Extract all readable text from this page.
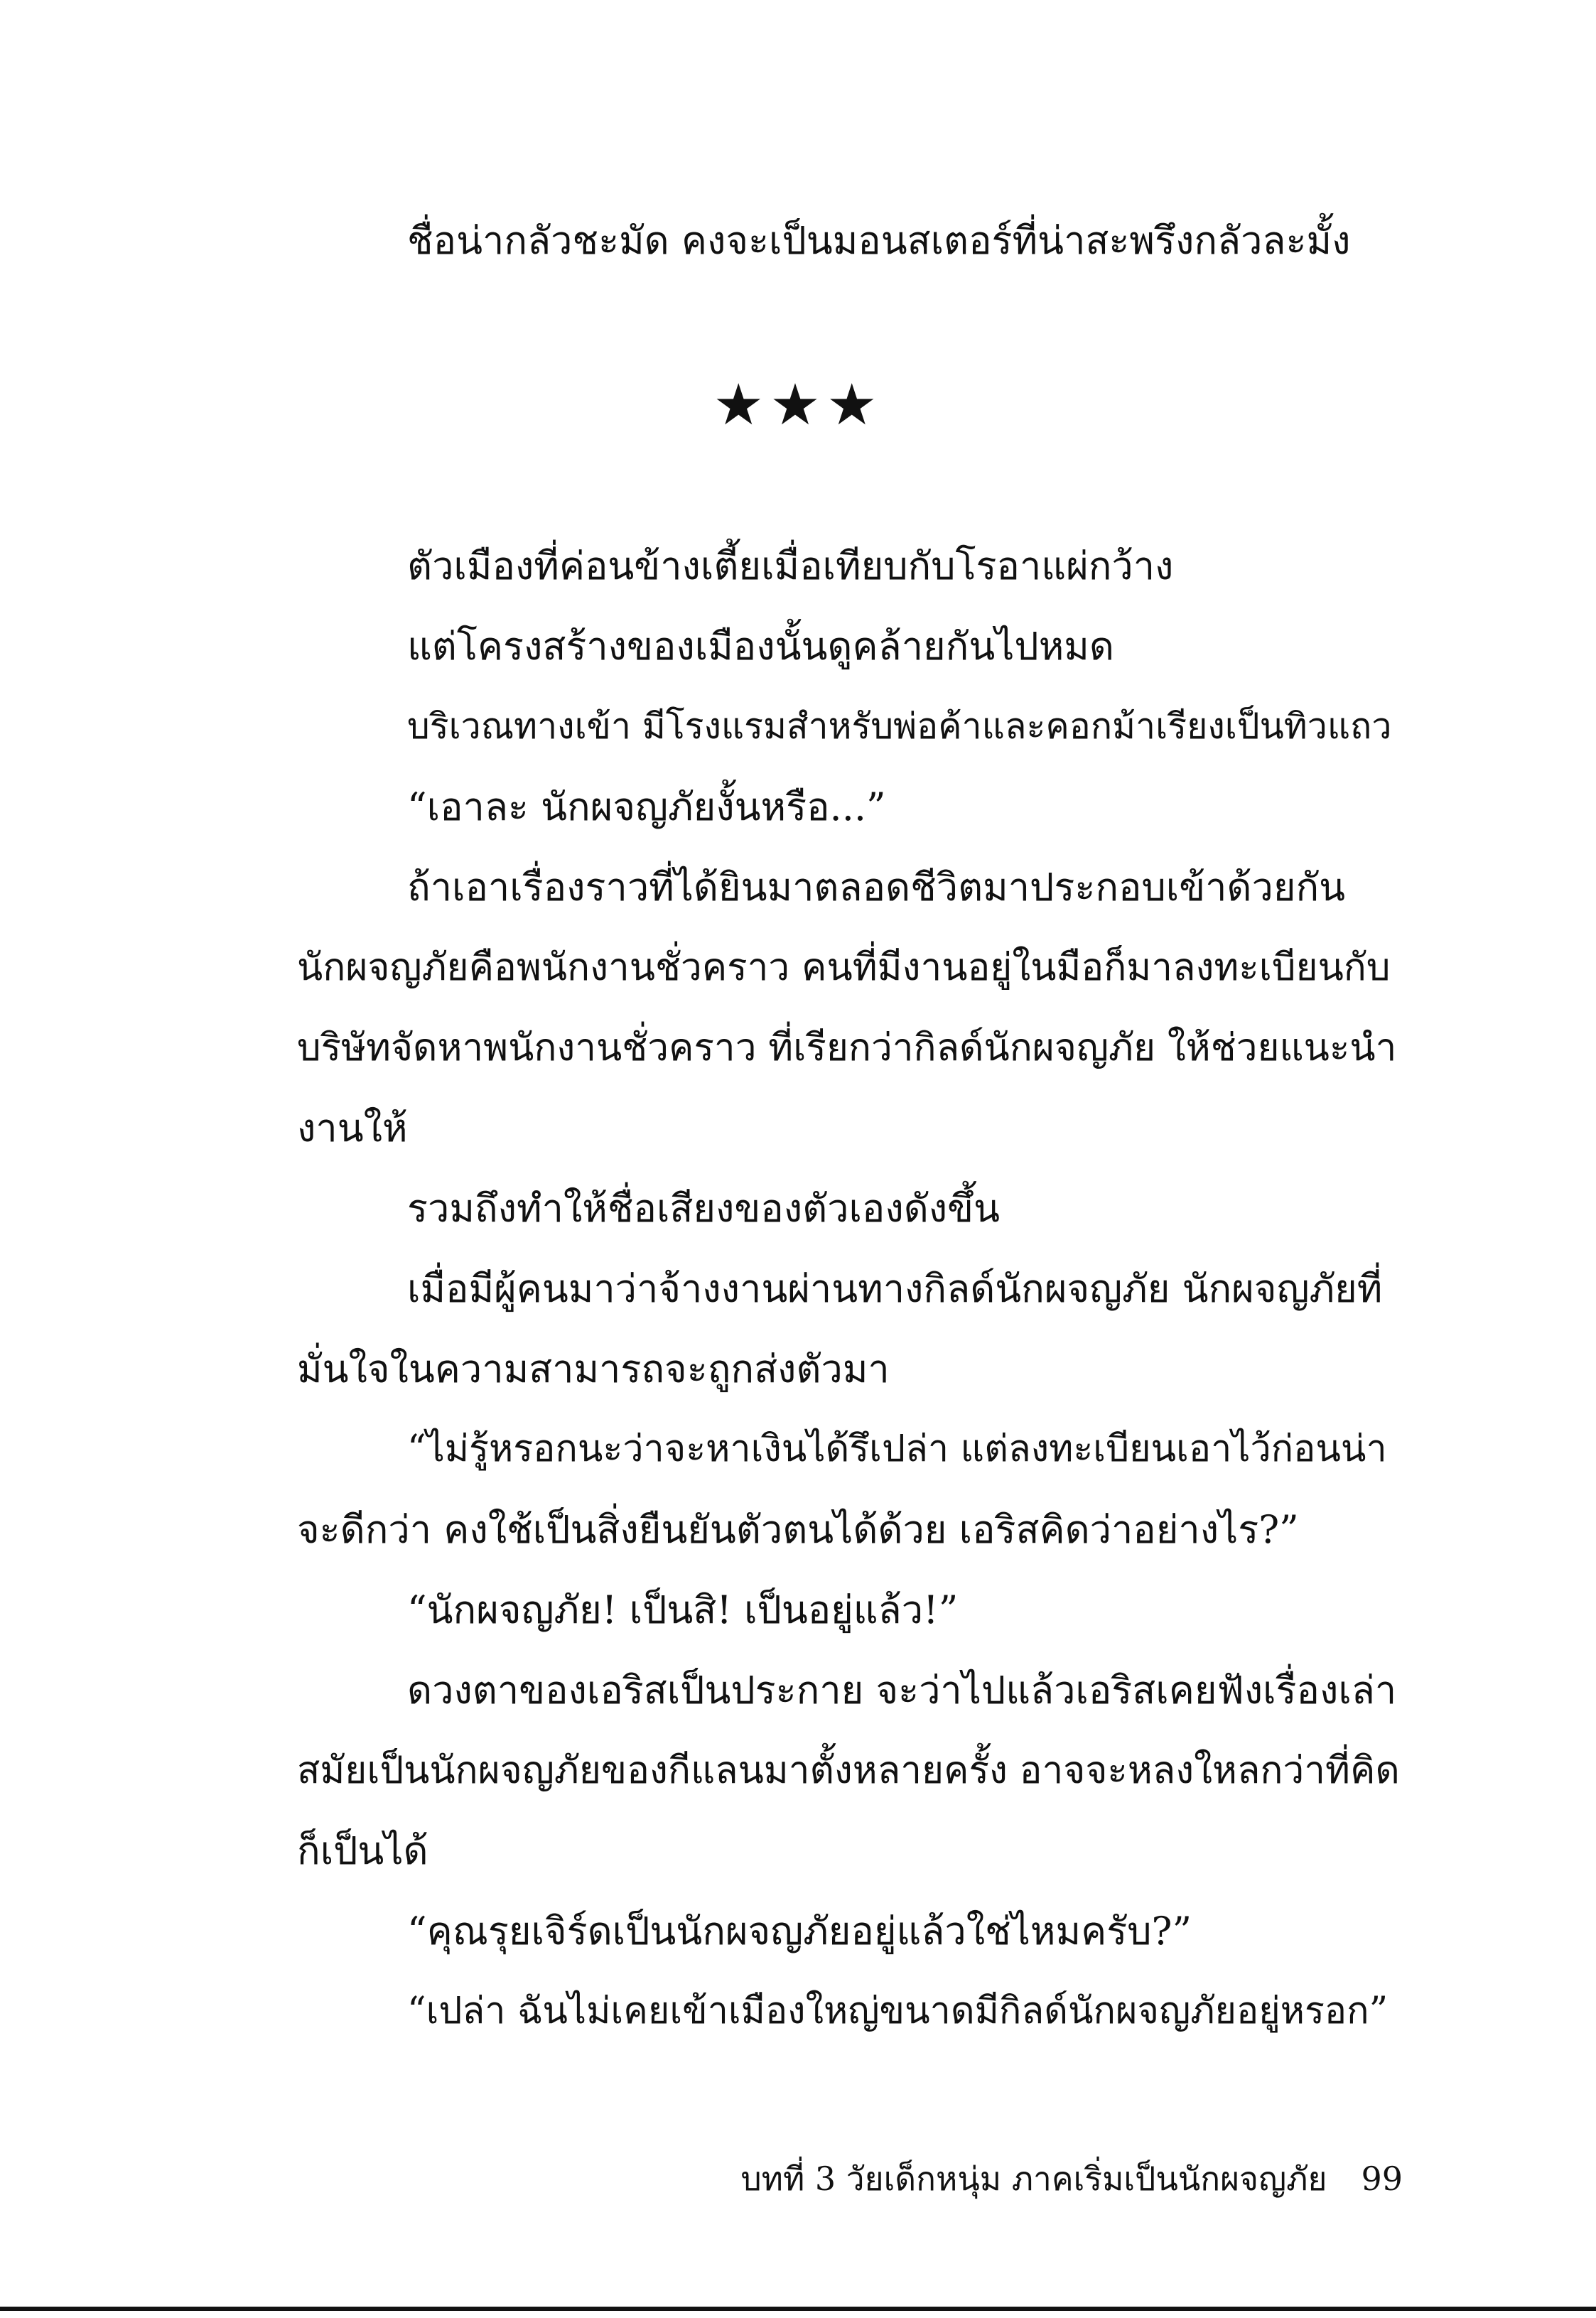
ชื่อน่ากลัวชะมัด คงจะเป็นมอนสเตอร์ที่น่าสะพรึงกลัวละมั้ง
★★★
ตัวเมืองที่ค่อนข้างเตี้ยเมื่อเทียบกับโรอาแผ่กว้าง
แต่โครงสร้างของเมืองนั้นดูคล้ายกันไปหมด
บริเวณทางเข้า มีโรงแรมสำหรับพ่อค้าและคอกม้าเรียงเป็นทิวแถว
“เอาละ นักผจญภัยงั้นหรือ...”
ถ้าเอาเรื่องราวที่ได้ยินมาตลอดชีวิตมาประกอบเข้าด้วยกัน
นักผจญภัยคือพนักงานชั่วคราว คนที่มีงานอยู่ในมือก็มาลงทะเบียนกับ
บริษัทจัดหาพนักงานชั่วคราว ที่เรียกว่ากิลด์นักผจญภัย ให้ช่วยแนะนำ
งานให้
รวมถึงทำให้ชื่อเสียงของตัวเองดังขึ้น
เมื่อมีผู้คนมาว่าจ้างงานผ่านทางกิลด์นักผจญภัย นักผจญภัยที่
มั่นใจในความสามารถจะถูกส่งตัวมา
“ไม่รู้หรอกนะว่าจะหาเงินได้รึเปล่า แต่ลงทะเบียนเอาไว้ก่อนน่า
จะดีกว่า คงใช้เป็นสิ่งยืนยันตัวตนได้ด้วย เอริสคิดว่าอย่างไร?”
“นักผจญภัย! เป็นสิ! เป็นอยู่แล้ว!”
ดวงตาของเอริสเป็นประกาย จะว่าไปแล้วเอริสเคยฟังเรื่องเล่า
สมัยเป็นนักผจญภัยของกีแลนมาตั้งหลายครั้ง อาจจะหลงใหลกว่าที่คิด
ก็เป็นได้
“คุณรุยเจิร์ดเป็นนักผจญภัยอยู่แล้วใช่ไหมครับ?”
“เปล่า ฉันไม่เคยเข้าเมืองใหญ่ขนาดมีกิลด์นักผจญภัยอยู่หรอก”
บทที่ 3 วัยเด็กหนุ่ม ภาคเริ่มเป็นนักผจญภัย 99
